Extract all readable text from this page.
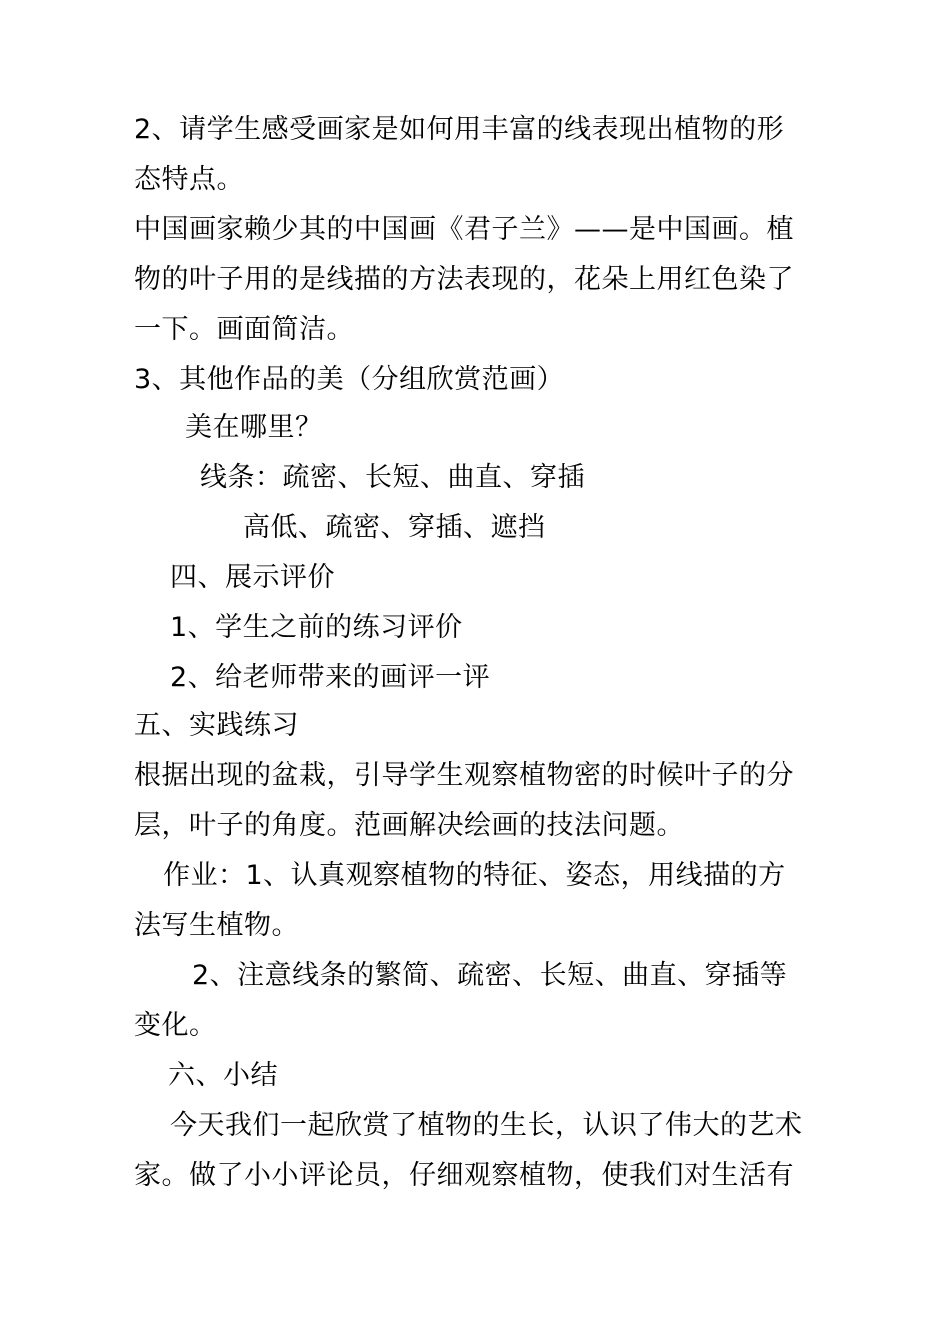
2、请学生感受画家是如何用丰富的线表现出植物的形
态特点。
中国画家赖少其的中国画《君子兰》——是中国画。植
物的叶子用的是线描的方法表现的，花朵上用红色染了
一下。画面简洁。
3、其他作品的美（分组欣赏范画）
美在哪里？
线条：疏密、长短、曲直、穿插
高低、疏密、穿插、遮挡
四、展示评价
1、学生之前的练习评价
2、给老师带来的画评一评
五、实践练习
根据出现的盆栽，引导学生观察植物密的时候叶子的分
层，叶子的角度。范画解决绘画的技法问题。
作业：1、认真观察植物的特征、姿态，用线描的方
法写生植物。
2、注意线条的繁简、疏密、长短、曲直、穿插等
变化。
六、小结
今天我们一起欣赏了植物的生长，认识了伟大的艺术
家。做了小小评论员，仔细观察植物，使我们对生活有
